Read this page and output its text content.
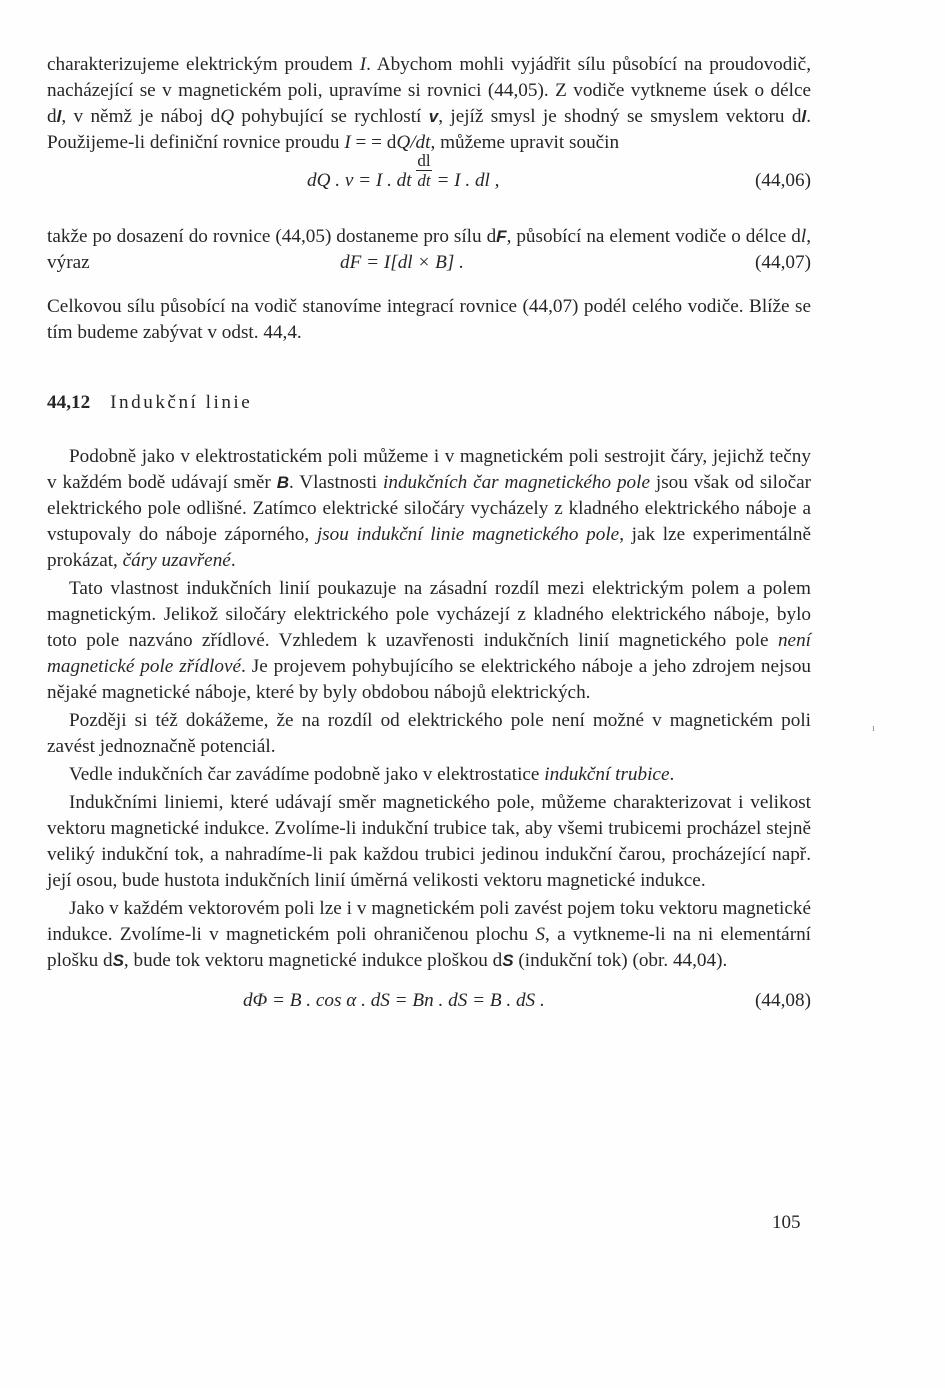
charakterizujeme elektrickým proudem I. Abychom mohli vyjádřit sílu působící na proudovodič, nacházející se v magnetickém poli, upravíme si rovnici (44,05). Z vodiče vytkneme úsek o délce dl, v němž je náboj dQ pohybující se rychlostí v, jejíž smysl je shodný se smyslem vektoru dl. Použijeme-li definiční rovnice proudu I = = dQ/dt, můžeme upravit součin

dQ . v = I . dt $\frac{dl}{dt} = I$ . dl ,	(44,06)

takže po dosazení do rovnice (44,05) dostaneme pro sílu dF, působící na element vodiče o délce dl, výraz	dF = I[dl × B] .	(44,07)

Celkovou sílu působící na vodič stanovíme integrací rovnice (44,07) podél celého vodiče. Blíže se tím budeme zabývat v odst. 44,4.

44,12 Indukční linie

Podobně jako v elektrostatickém poli můžeme i v magnetickém poli sestrojit čáry, jejichž tečny v každém bodě udávají směr B. Vlastnosti indukčních čar magnetického pole jsou však od siločar elektrického pole odlišné. Zatímco elektrické siločáry vycházely z kladného elektrického náboje a vstupovaly do náboje záporného, jsou indukční linie magnetického pole, jak lze experimentálně prokázat, čáry uzavřené.

Tato vlastnost indukčních linií poukazuje na zásadní rozdíl mezi elektrickým polem a polem magnetickým. Jelikož siločáry elektrického pole vycházejí z kladného elektrického náboje, bylo toto pole nazváno zřídlové. Vzhledem k uzavřenosti indukčních linií magnetického pole není magnetické pole zřídlové. Je projevem pohybujícího se elektrického náboje a jeho zdrojem nejsou nějaké magnetické náboje, které by byly obdobou nábojů elektrických.

Později si též dokážeme, že na rozdíl od elektrického pole není možné v magnetickém poli zavést jednoznačně potenciál.

Vedle indukčních čar zavádíme podobně jako v elektrostatice indukční trubice.

Indukčními liniemi, které udávají směr magnetického pole, můžeme charakterizovat i velikost vektoru magnetické indukce. Zvolíme-li indukční trubice tak, aby všemi trubicemi procházel stejně veliký indukční tok, a nahradíme-li pak každou trubici jedinou indukční čarou, procházející např. její osou, bude hustota indukčních linií úměrná velikosti vektoru magnetické indukce.

Jako v každém vektorovém poli lze i v magnetickém poli zavést pojem toku vektoru magnetické indukce. Zvolíme-li v magnetickém poli ohraničenou plochu S, a vytkneme-li na ni elementární plošku dS, bude tok vektoru magnetické indukce ploškou dS (indukční tok) (obr. 44,04).

dΦ = B . cos α . dS = Bn . dS = B . dS .	(44,08)
105
ı
